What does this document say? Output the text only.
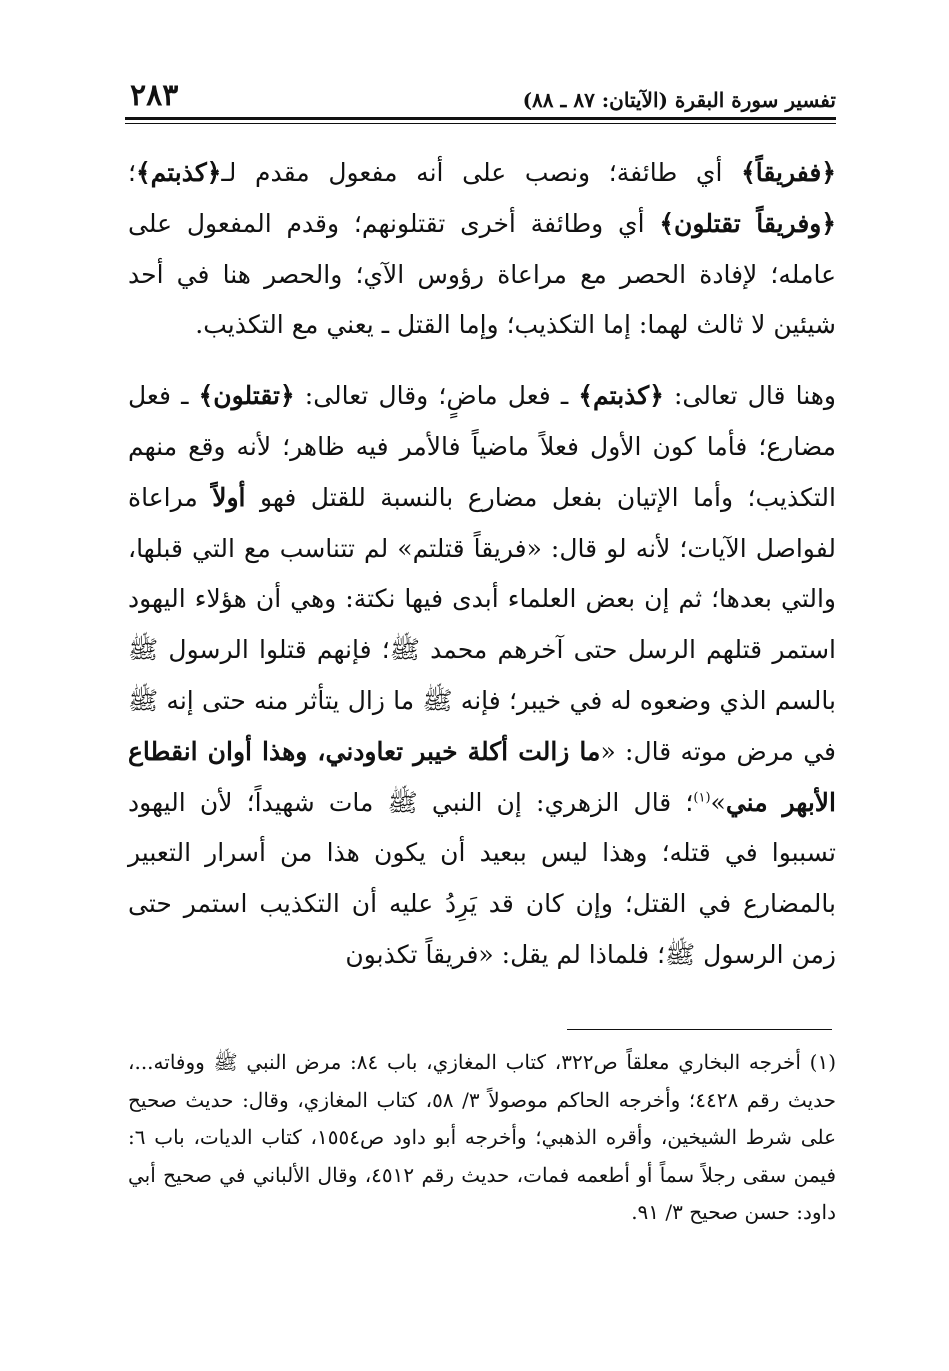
تفسير سورة البقرة (الآيتان: ٨٧ ـ ٨٨)
٢٨٣

﴿ففريقاً﴾ أي طائفة؛ ونصب على أنه مفعول مقدم لـ﴿كذبتم﴾؛ ﴿وفريقاً تقتلون﴾ أي وطائفة أخرى تقتلونهم؛ وقدم المفعول على عامله؛ لإفادة الحصر مع مراعاة رؤوس الآي؛ والحصر هنا في أحد شيئين لا ثالث لهما: إما التكذيب؛ وإما القتل ـ يعني مع التكذيب.

وهنا قال تعالى: ﴿كذبتم﴾ ـ فعل ماضٍ؛ وقال تعالى: ﴿تقتلون﴾ ـ فعل مضارع؛ فأما كون الأول فعلاً ماضياً فالأمر فيه ظاهر؛ لأنه وقع منهم التكذيب؛ وأما الإتيان بفعل مضارع بالنسبة للقتل فهو أولاً مراعاة لفواصل الآيات؛ لأنه لو قال: «فريقاً قتلتم» لم تتناسب مع التي قبلها، والتي بعدها؛ ثم إن بعض العلماء أبدى فيها نكتة: وهي أن هؤلاء اليهود استمر قتلهم الرسل حتى آخرهم محمد ﷺ؛ فإنهم قتلوا الرسول ﷺ بالسم الذي وضعوه له في خيبر؛ فإنه ﷺ ما زال يتأثر منه حتى إنه ﷺ في مرض موته قال: «ما زالت أكلة خيبر تعاودني، وهذا أوان انقطاع الأبهر مني»$^{(١)}$؛ قال الزهري: إن النبي ﷺ مات شهيداً؛ لأن اليهود تسببوا في قتله؛ وهذا ليس ببعيد أن يكون هذا من أسرار التعبير بالمضارع في القتل؛ وإن كان قد يَرِدُ عليه أن التكذيب استمر حتى زمن الرسول ﷺ؛ فلماذا لم يقل: «فريقاً تكذبون

(١) أخرجه البخاري معلقاً ص٣٢٢، كتاب المغازي، باب ٨٤: مرض النبي ﷺ ووفاته...، حديث رقم ٤٤٢٨؛ وأخرجه الحاكم موصولاً ٣/ ٥٨، كتاب المغازي، وقال: حديث صحيح على شرط الشيخين، وأقره الذهبي؛ وأخرجه أبو داود ص١٥٥٤، كتاب الديات، باب ٦: فيمن سقى رجلاً سماً أو أطعمه فمات، حديث رقم ٤٥١٢، وقال الألباني في صحيح أبي داود: حسن صحيح ٣/ ٩١.
